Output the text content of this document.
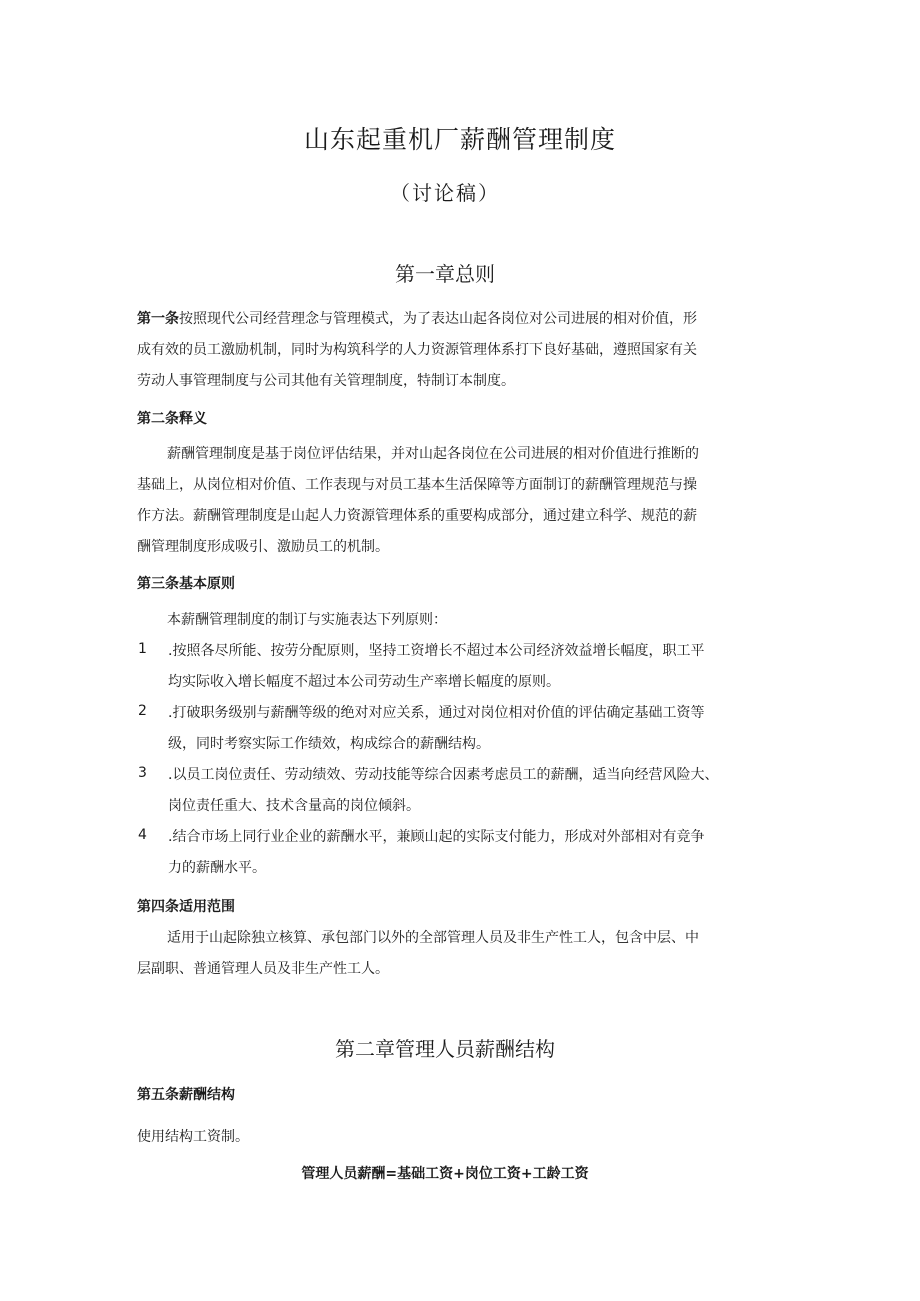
山东起重机厂薪酬管理制度
（讨论稿）
第一章总则
第一条按照现代公司经营理念与管理模式，为了表达山起各岗位对公司进展的相对价值，形
成有效的员工激励机制，同时为构筑科学的人力资源管理体系打下良好基础，遵照国家有关
劳动人事管理制度与公司其他有关管理制度，特制订本制度。
第二条释义
薪酬管理制度是基于岗位评估结果，并对山起各岗位在公司进展的相对价值进行推断的
基础上，从岗位相对价值、工作表现与对员工基本生活保障等方面制订的薪酬管理规范与操
作方法。薪酬管理制度是山起人力资源管理体系的重要构成部分，通过建立科学、规范的薪
酬管理制度形成吸引、激励员工的机制。
第三条基本原则
本薪酬管理制度的制订与实施表达下列原则：
1 .按照各尽所能、按劳分配原则，坚持工资增长不超过本公司经济效益增长幅度，职工平
均实际收入增长幅度不超过本公司劳动生产率增长幅度的原则。
2 .打破职务级别与薪酬等级的绝对对应关系，通过对岗位相对价值的评估确定基础工资等
级，同时考察实际工作绩效，构成综合的薪酬结构。
3 .以员工岗位责任、劳动绩效、劳动技能等综合因素考虑员工的薪酬，适当向经营风险大、
岗位责任重大、技术含量高的岗位倾斜。
4 .结合市场上同行业企业的薪酬水平，兼顾山起的实际支付能力，形成对外部相对有竞争
力的薪酬水平。
第四条适用范围
适用于山起除独立核算、承包部门以外的全部管理人员及非生产性工人，包含中层、中
层副职、普通管理人员及非生产性工人。
第二章管理人员薪酬结构
第五条薪酬结构
使用结构工资制。
管理人员薪酬=基础工资+岗位工资+工龄工资
